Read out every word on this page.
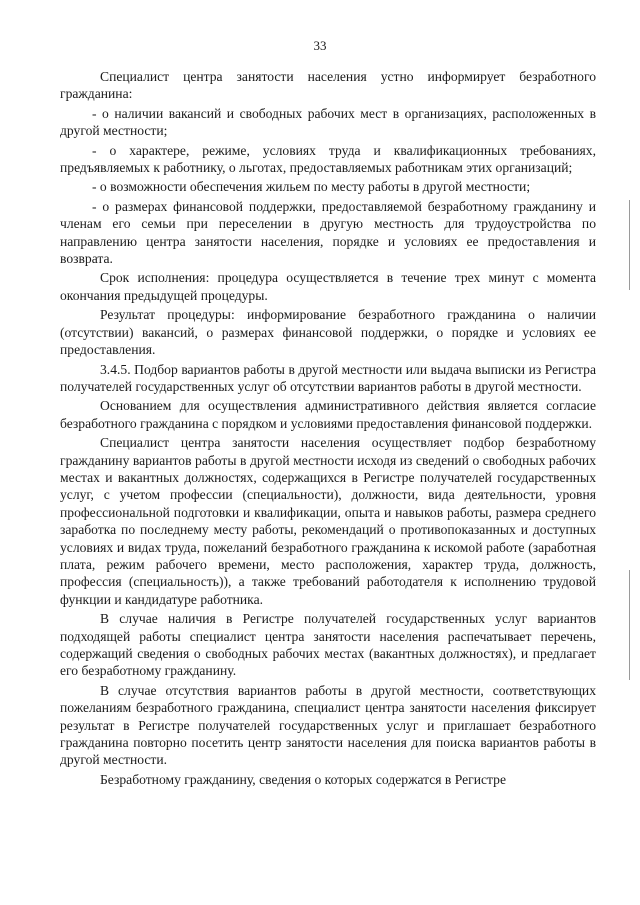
33

Специалист центра занятости населения устно информирует безработного гражданина:

- о наличии вакансий и свободных рабочих мест в организациях, расположенных в другой местности;

- о характере, режиме, условиях труда и квалификационных требованиях, предъявляемых к работнику, о льготах, предоставляемых работникам этих организаций;

- о возможности обеспечения жильем по месту работы в другой местности;

- о размерах финансовой поддержки, предоставляемой безработному гражданину и членам его семьи при переселении в другую местность для трудоустройства по направлению центра занятости населения, порядке и условиях ее предоставления и возврата.

Срок исполнения: процедура осуществляется в течение трех минут с момента окончания предыдущей процедуры.

Результат процедуры: информирование безработного гражданина о наличии (отсутствии) вакансий, о размерах финансовой поддержки, о порядке и условиях ее предоставления.

3.4.5. Подбор вариантов работы в другой местности или выдача выписки из Регистра получателей государственных услуг об отсутствии вариантов работы в другой местности.

Основанием для осуществления административного действия является согласие безработного гражданина с порядком и условиями предоставления финансовой поддержки.

Специалист центра занятости населения осуществляет подбор безработному гражданину вариантов работы в другой местности исходя из сведений о свободных рабочих местах и вакантных должностях, содержащихся в Регистре получателей государственных услуг, с учетом профессии (специальности), должности, вида деятельности, уровня профессиональной подготовки и квалификации, опыта и навыков работы, размера среднего заработка по последнему месту работы, рекомендаций о противопоказанных и доступных условиях и видах труда, пожеланий безработного гражданина к искомой работе (заработная плата, режим рабочего времени, место расположения, характер труда, должность, профессия (специальность)), а также требований работодателя к исполнению трудовой функции и кандидатуре работника.

В случае наличия в Регистре получателей государственных услуг вариантов подходящей работы специалист центра занятости населения распечатывает перечень, содержащий сведения о свободных рабочих местах (вакантных должностях), и предлагает его безработному гражданину.

В случае отсутствия вариантов работы в другой местности, соответствующих пожеланиям безработного гражданина, специалист центра занятости населения фиксирует результат в Регистре получателей государственных услуг и приглашает безработного гражданина повторно посетить центр занятости населения для поиска вариантов работы в другой местности.

Безработному гражданину, сведения о которых содержатся в Регистре
